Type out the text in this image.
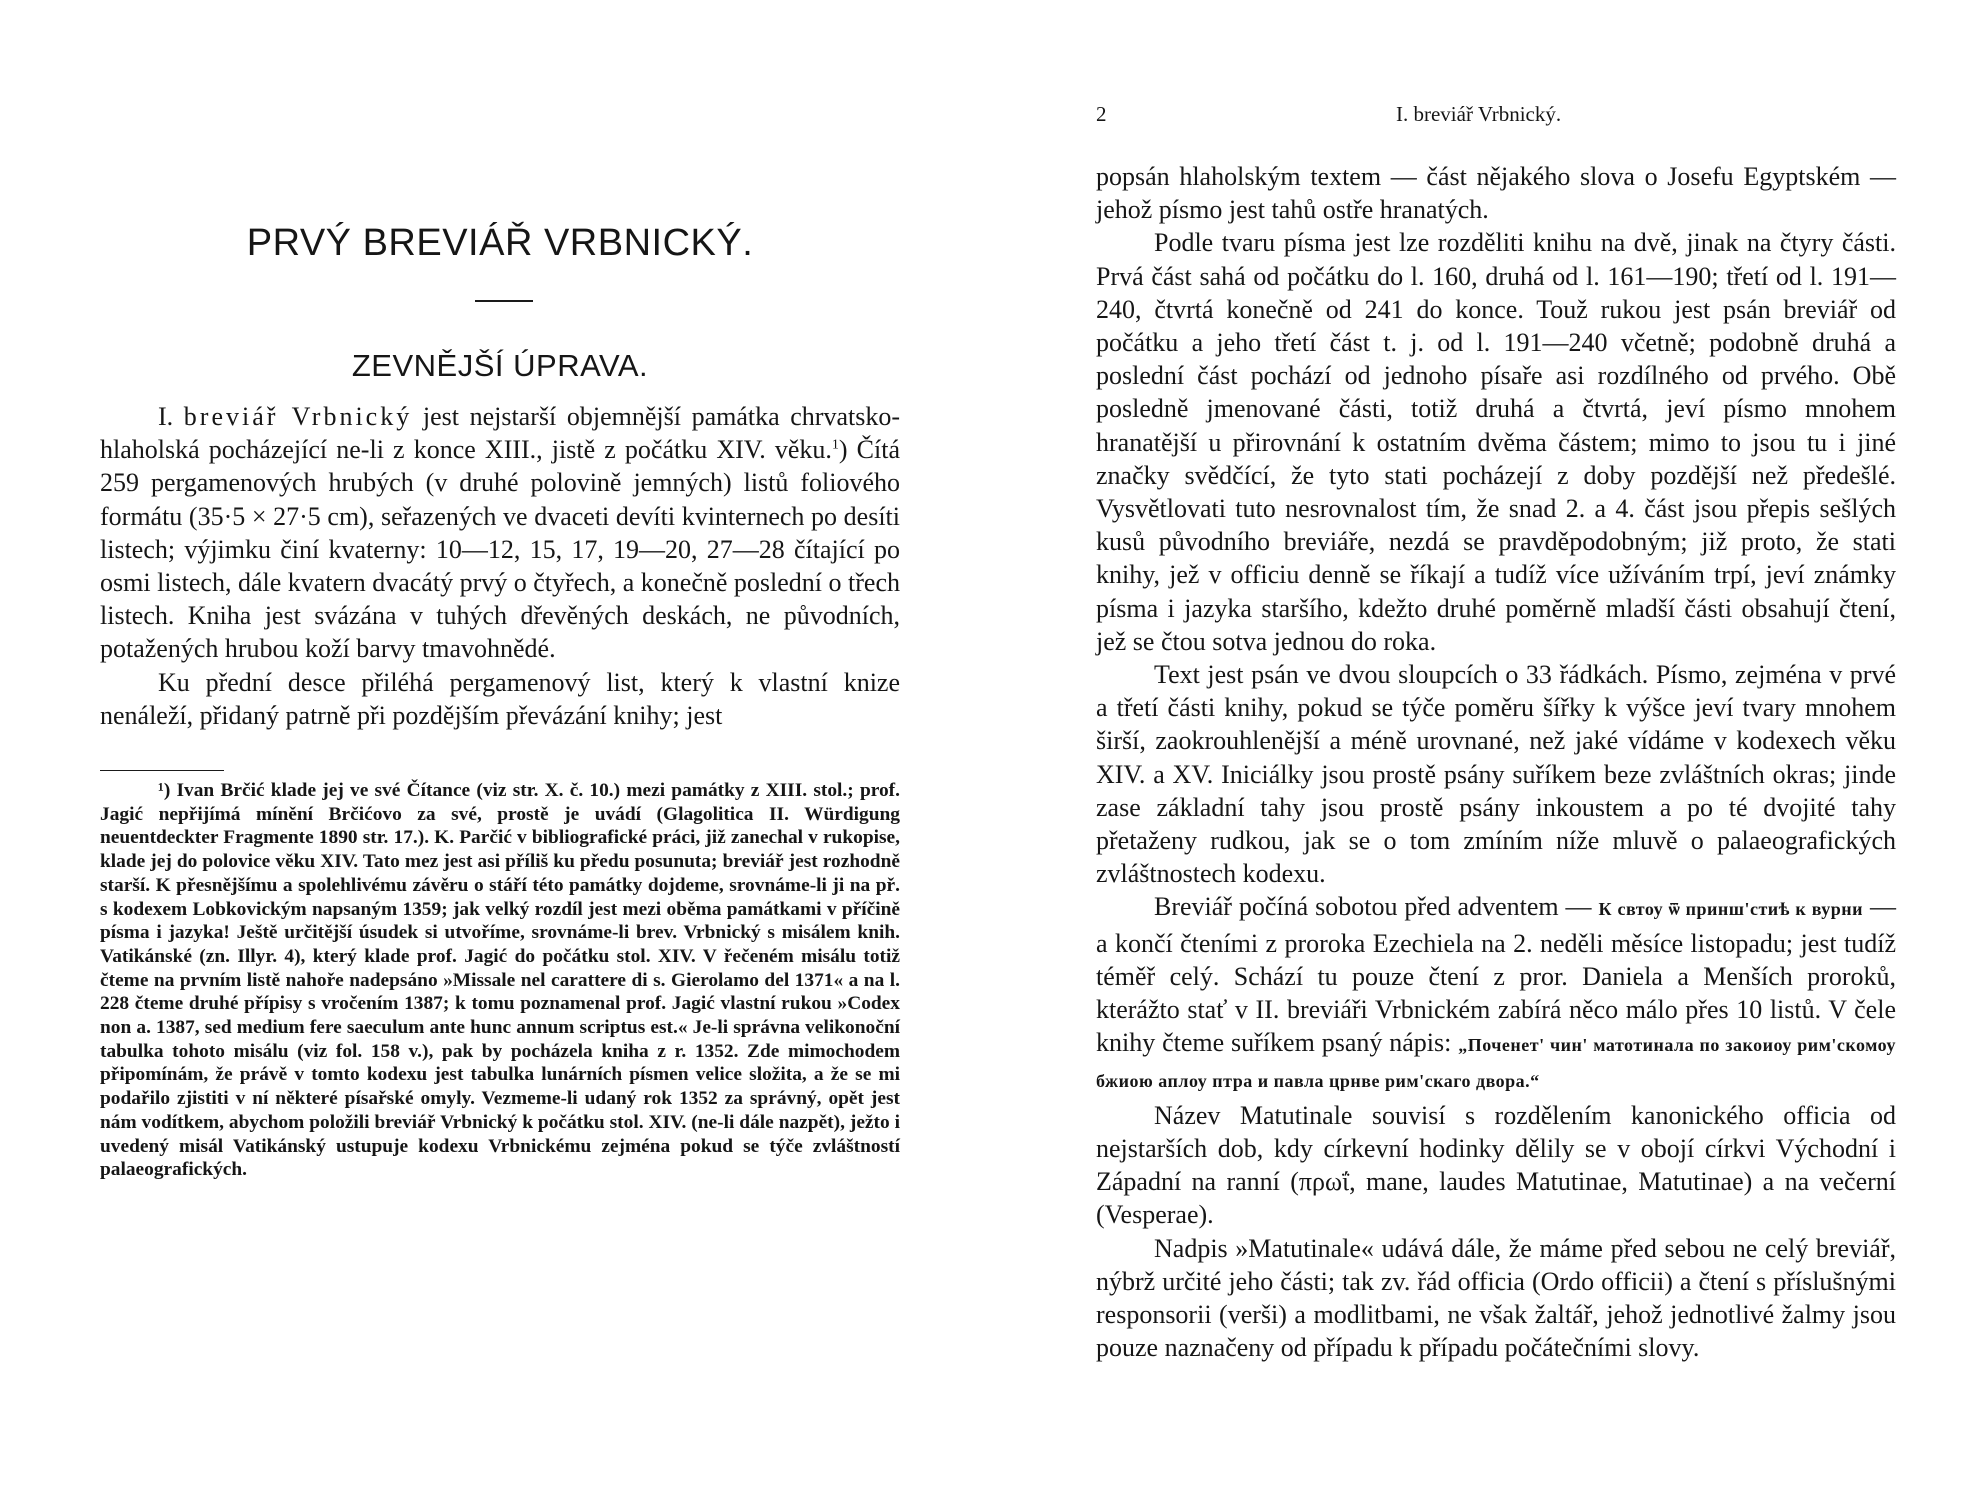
PRVÝ BREVIÁŘ VRBNICKÝ.
ZEVNĚJŠÍ ÚPRAVA.

I. breviář Vrbnický jest nejstarší objemnější památka chrvatsko-hlaholská pocházející ne-li z konce XIII., jistě z počátku XIV. věku.$^1$) Čítá 259 pergamenových hrubých (v druhé polovině jemných) listů foliového formátu (35·5 × 27·5 cm), seřazených ve dvaceti devíti kvinternech po desíti listech; výjimku činí kvaterny: 10—12, 15, 17, 19—20, 27—28 čítající po osmi listech, dále kvatern dvacátý prvý o čtyřech, a konečně poslední o třech listech. Kniha jest svázána v tuhých dřevěných deskách, ne původních, potažených hrubou koží barvy tmavohnědé.

Ku přední desce přiléhá pergamenový list, který k vlastní knize nenáleží, přidaný patrně při pozdějším převázání knihy; jest

¹) Ivan Brčić klade jej ve své Čítance (viz str. X. č. 10.) mezi památky z XIII. stol.; prof. Jagić nepřijímá mínění Brčićovo za své, prostě je uvádí (Glagolitica II. Würdigung neuentdeckter Fragmente 1890 str. 17.). K. Parčić v bibliografické práci, již zanechal v rukopise, klade jej do polovice věku XIV. Tato mez jest asi příliš ku předu posunuta; breviář jest rozhodně starší. K přesnějšímu a spolehlivému závěru o stáří této památky dojdeme, srovnáme-li ji na př. s kodexem Lobkovickým napsaným 1359; jak velký rozdíl jest mezi oběma památkami v příčině písma i jazyka! Ještě určitější úsudek si utvoříme, srovnáme-li brev. Vrbnický s misálem knih. Vatikánské (zn. Illyr. 4), který klade prof. Jagić do počátku stol. XIV. V řečeném misálu totiž čteme na prvním listě nahoře nadepsáno »Missale nel carattere di s. Gierolamo del 1371« a na l. 228 čteme druhé přípisy s vročením 1387; k tomu poznamenal prof. Jagić vlastní rukou »Codex non a. 1387, sed medium fere saeculum ante hunc annum scriptus est.« Je-li správna velikonoční tabulka tohoto misálu (viz fol. 158 v.), pak by pocházela kniha z r. 1352. Zde mimochodem připomínám, že právě v tomto kodexu jest tabulka lunárních písmen velice složita, a že se mi podařilo zjistiti v ní některé písařské omyly. Vezmeme-li udaný rok 1352 za správný, opět jest nám vodítkem, abychom položili breviář Vrbnický k počátku stol. XIV. (ne-li dále nazpět), ježto i uvedený misál Vatikánský ustupuje kodexu Vrbnickému zejména pokud se týče zvláštností palaeografických.

2	I. breviář Vrbnický.

popsán hlaholským textem — část nějakého slova o Josefu Egyptském — jehož písmo jest tahů ostře hranatých.

Podle tvaru písma jest lze rozděliti knihu na dvě, jinak na čtyry části. Prvá část sahá od počátku do l. 160, druhá od l. 161—190; třetí od l. 191—240, čtvrtá konečně od 241 do konce. Touž rukou jest psán breviář od počátku a jeho třetí část t. j. od l. 191—240 včetně; podobně druhá a poslední část pochází od jednoho písaře asi rozdílného od prvého. Obě posledně jmenované části, totiž druhá a čtvrtá, jeví písmo mnohem hranatější u přirovnání k ostatním dvěma částem; mimo to jsou tu i jiné značky svědčící, že tyto stati pocházejí z doby pozdější než předešlé. Vysvětlovati tuto nesrovnalost tím, že snad 2. a 4. část jsou přepis sešlých kusů původního breviáře, nezdá se pravděpodobným; již proto, že stati knihy, jež v officiu denně se říkají a tudíž více užíváním trpí, jeví známky písma i jazyka staršího, kdežto druhé poměrně mladší části obsahují čtení, jež se čtou sotva jednou do roka.

Text jest psán ve dvou sloupcích o 33 řádkách. Písmo, zejména v prvé a třetí části knihy, pokud se týče poměru šířky k výšce jeví tvary mnohem širší, zaokrouhlenější a méně urovnané, než jaké vídáme v kodexech věku XIV. a XV. Iniciálky jsou prostě psány suříkem beze zvláštních okras; jinde zase základní tahy jsou prostě psány inkoustem a po té dvojité tahy přetaženy rudkou, jak se o tom zmíním níže mluvě o palaeografických zvláštnostech kodexu.

Breviář počíná sobotou před adventem — К свтоу ѿ принш'стиѣ к вурни — a končí čteními z proroka Ezechiela na 2. neděli měsíce listopadu; jest tudíž téměř celý. Schází tu pouze čtení z pror. Daniela a Menších proroků, kterážto stať v II. breviáři Vrbnickém zabírá něco málo přes 10 listů. V čele knihy čteme suříkem psaný nápis: „Поченет' чин' матотинала по закоиоу рим'скомоу бжиою аплоу птра и павла црнве рим'скаго двора.“

Název Matutinale souvisí s rozdělením kanonického officia od nejstarších dob, kdy církevní hodinky dělily se v obojí církvi Východní i Západní na ranní (πρωΐ, mane, laudes Matutinae, Matutinae) a na večerní (Vesperae).

Nadpis »Matutinale« udává dále, že máme před sebou ne celý breviář, nýbrž určité jeho části; tak zv. řád officia (Ordo officii) a čtení s příslušnými responsorii (verši) a modlitbami, ne však žaltář, jehož jednotlivé žalmy jsou pouze naznačeny od případu k případu počátečními slovy.
